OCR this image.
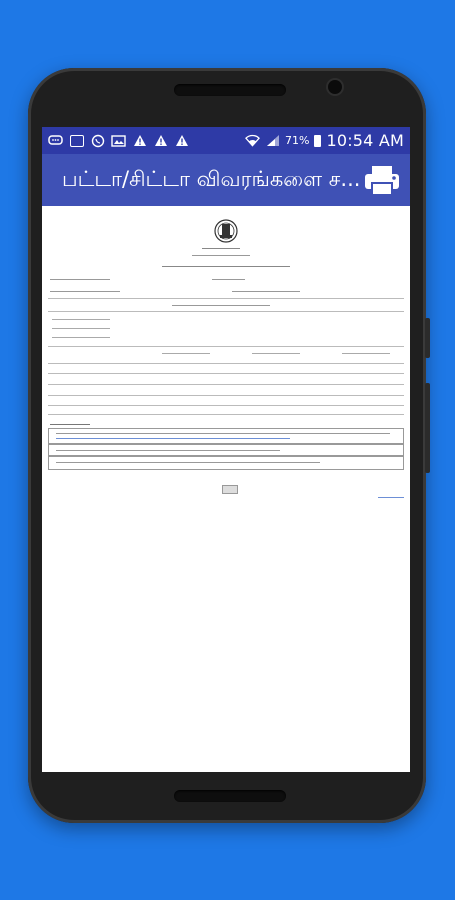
71% 10:54 AM
பட்டா/சிட்டா விவரங்களை ச...
